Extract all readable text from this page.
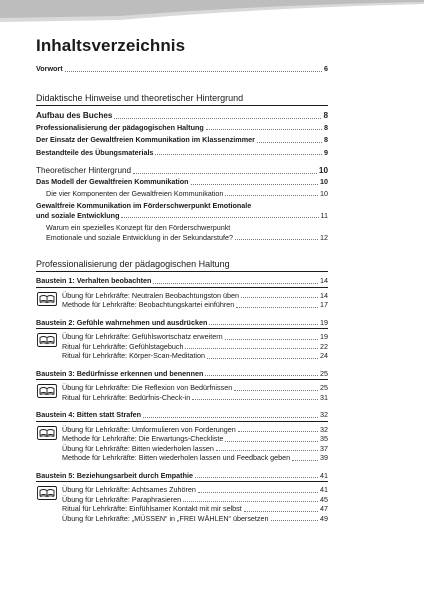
Inhaltsverzeichnis
Vorwort	6
Didaktische Hinweise und theoretischer Hintergrund
Aufbau des Buches	8
Professionalisierung der pädagogischen Haltung	8
Der Einsatz der Gewaltfreien Kommunikation im Klassenzimmer	8
Bestandteile des Übungsmaterials	9
Theoretischer Hintergrund	10
Das Modell der Gewaltfreien Kommunikation	10
Die vier Komponenten der Gewaltfreien Kommunikation	10
Gewaltfreie Kommunikation im Förderschwerpunkt Emotionale
und soziale Entwicklung	11
Warum ein spezielles Konzept für den Förderschwerpunkt
Emotionale und soziale Entwicklung in der Sekundarstufe?	12
Professionalisierung der pädagogischen Haltung
Baustein 1: Verhalten beobachten	14
Übung für Lehrkräfte: Neutralen Beobachtungston üben	14
Methode für Lehrkräfte: Beobachtungskartei einführen	17
Baustein 2: Gefühle wahrnehmen und ausdrücken	19
Übung für Lehrkräfte: Gefühlswortschatz erweitern	19
Ritual für Lehrkräfte: Gefühlstagebuch	22
Ritual für Lehrkräfte: Körper-Scan-Meditation	24
Baustein 3: Bedürfnisse erkennen und benennen	25
Übung für Lehrkräfte: Die Reflexion von Bedürfnissen	25
Ritual für Lehrkräfte: Bedürfnis-Check-in	31
Baustein 4: Bitten statt Strafen	32
Übung für Lehrkräfte: Umformulieren von Forderungen	32
Methode für Lehrkräfte: Die Erwartungs-Checkliste	35
Übung für Lehrkräfte: Bitten wiederholen lassen	37
Methode für Lehrkräfte: Bitten wiederholen lassen und Feedback geben	39
Baustein 5: Beziehungsarbeit durch Empathie	41
Übung für Lehrkräfte: Achtsames Zuhören	41
Übung für Lehrkräfte: Paraphrasieren	45
Ritual für Lehrkräfte: Einfühlsamer Kontakt mit mir selbst	47
Übung für Lehrkräfte: „MÜSSEN“ in „FREI WÄHLEN“ übersetzen	49
